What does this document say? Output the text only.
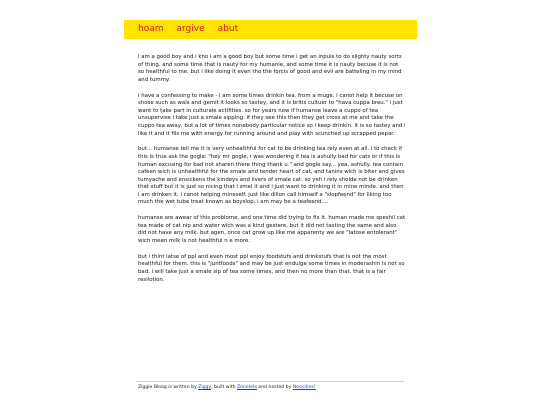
hoam argive abut

i am a good boy and i kno i am a good boy but some time i get an inpuls to do slighty nauty sorts of thing. and some time that is nauty for my humanie, and some time it is nauty becuse it is not so healthful to me. but i like doing it even tho the forcis of good and evil are batteling in my mind and tummy.

i have a confessing to make - i am some times drinkin tea. from a muge. i canot help it becuse on shose such as wals and gemit it looks so tastey, and it is britis cultuer to "hava cuppa breu." i just want to take part in culturale actifities. so for years now if humanse leave a cuppo of tea unsupervise i take just a smale sipping. if they see this then they get cross at me and take the cuppo tea away, but a lot of times nonebody particular notice so i keep drinkin. it is so tastey and i like it and it fils me with energy for running around and play with scunched up scrapped pepar.

but... humanse tell me it is very unhealthful for cat to be drinking tea rely even at all. i to check if this is true ask the gogle: "hey mr gogle, i was wondering if tea is ashully bad for cats or if this is human excusing for bad not sharen there thing thank u." and gogle say... yea, ashully. tea contain cafeen wich is unhealthful for the smale and tender heart of cat, and tanins wich is biter and gives tumyache and ensickens the kindeys and livers of smale cat. so yeh i rely sholde not be drinken that stuff but it is just so nicing that i smel it and i just want to drinking it in mine minde. and then i am drinken it. i canot helping mineself. just like dillon call himself a "slopfeend" for liking too much the wet tube treat known as boyslop, i am may be a teafeend....

humanse are awear of this problome, and one time did trying to fix it. human made me speshil cat tea made of cat nip and water wich was a kind gestere, but it did not tasting the same and also did not have any milk. but agen, once cat grow up like me apparenty we are "latose entolerant" wich meen milk is not healthful n e more.

but i thint latse of ppl and even most ppl enjoy foodstufs and drinkstufs that is not the most healthful for them. this is "juntfoods" and may be just endulge some times in moderashin is not so bad. i will take just a smale sip of tea some times, and then no more than that. that is a fair resilotion.

Ziggie Bloag is written by Ziggy, built with Zonelets and hosted by Neocities!
